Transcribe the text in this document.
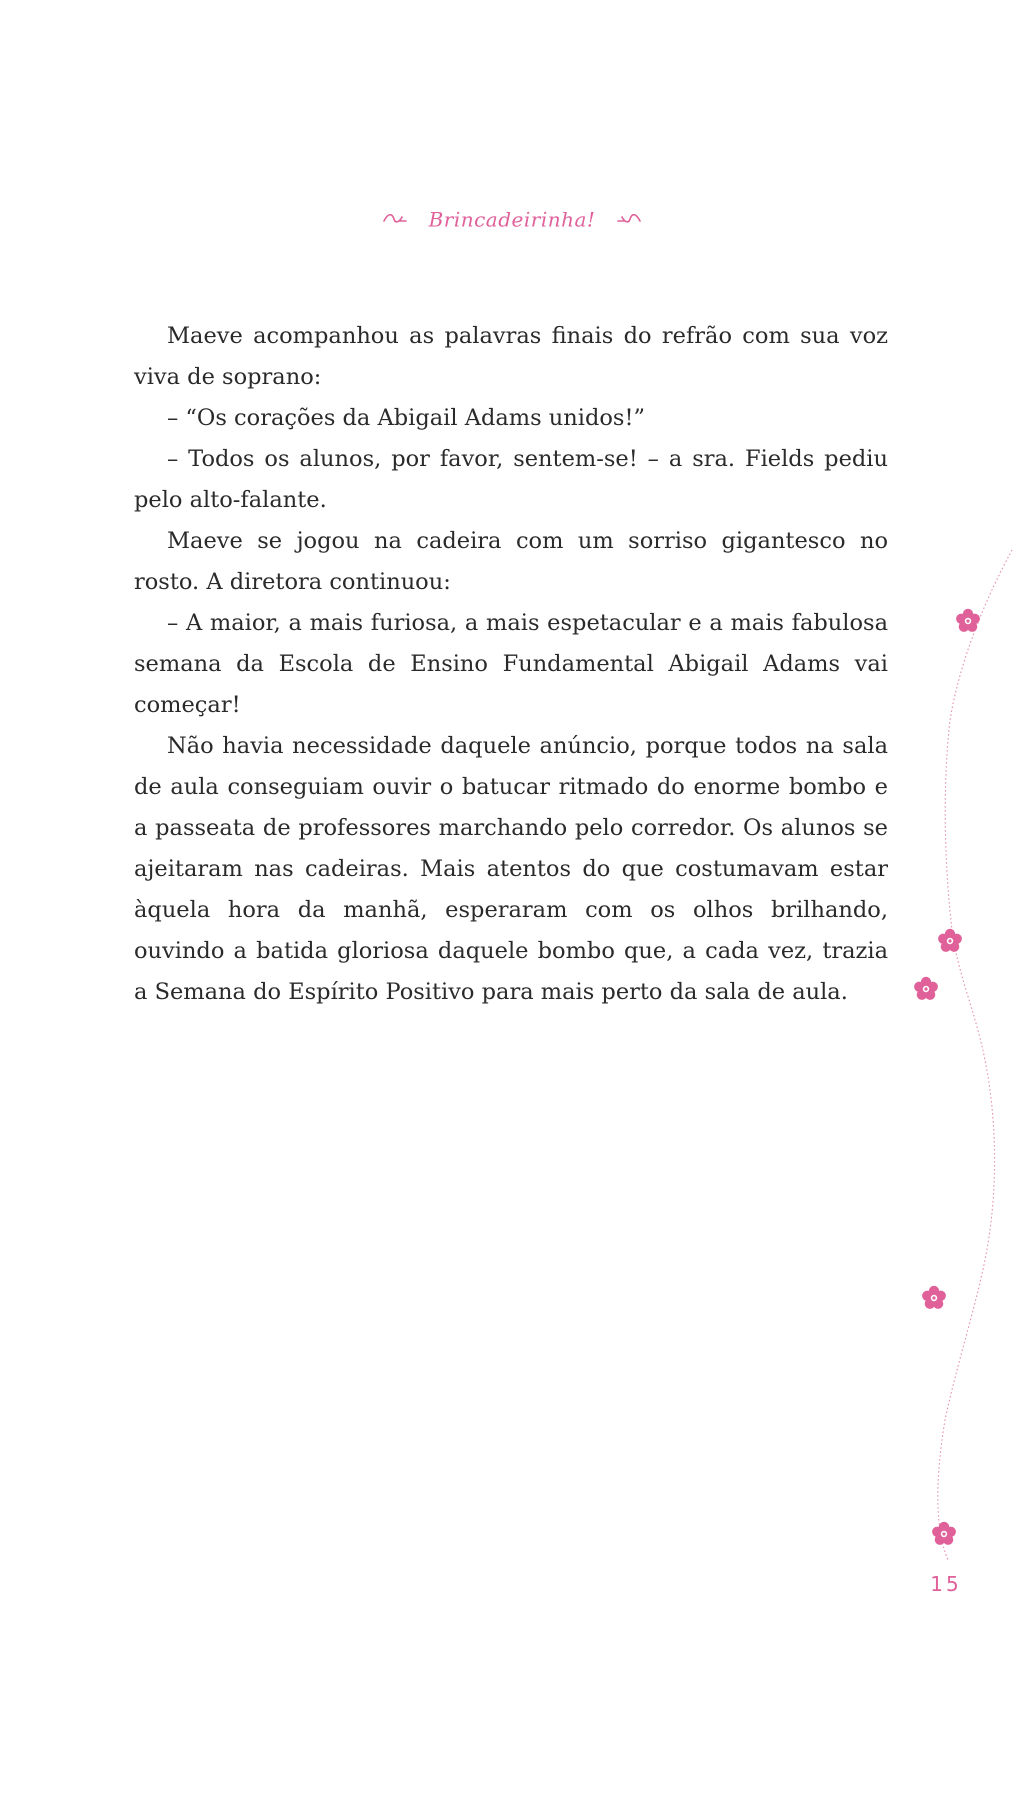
Brincadeirinha!

Maeve acompanhou as palavras finais do refrão com sua voz viva de soprano:

– “Os corações da Abigail Adams unidos!”

– Todos os alunos, por favor, sentem-se! – a sra. Fields pediu pelo alto-falante.

Maeve se jogou na cadeira com um sorriso gigantesco no rosto. A diretora continuou:

– A maior, a mais furiosa, a mais espetacular e a mais fabulosa semana da Escola de Ensino Fundamental Abigail Adams vai começar!

Não havia necessidade daquele anúncio, porque todos na sala de aula conseguiam ouvir o batucar ritmado do enorme bombo e a passeata de professores marchando pelo corredor. Os alunos se ajeitaram nas cadeiras. Mais atentos do que costumavam estar àquela hora da manhã, esperaram com os olhos brilhando, ouvindo a batida gloriosa daquele bombo que, a cada vez, trazia a Semana do Espírito Positivo para mais perto da sala de aula.

15
